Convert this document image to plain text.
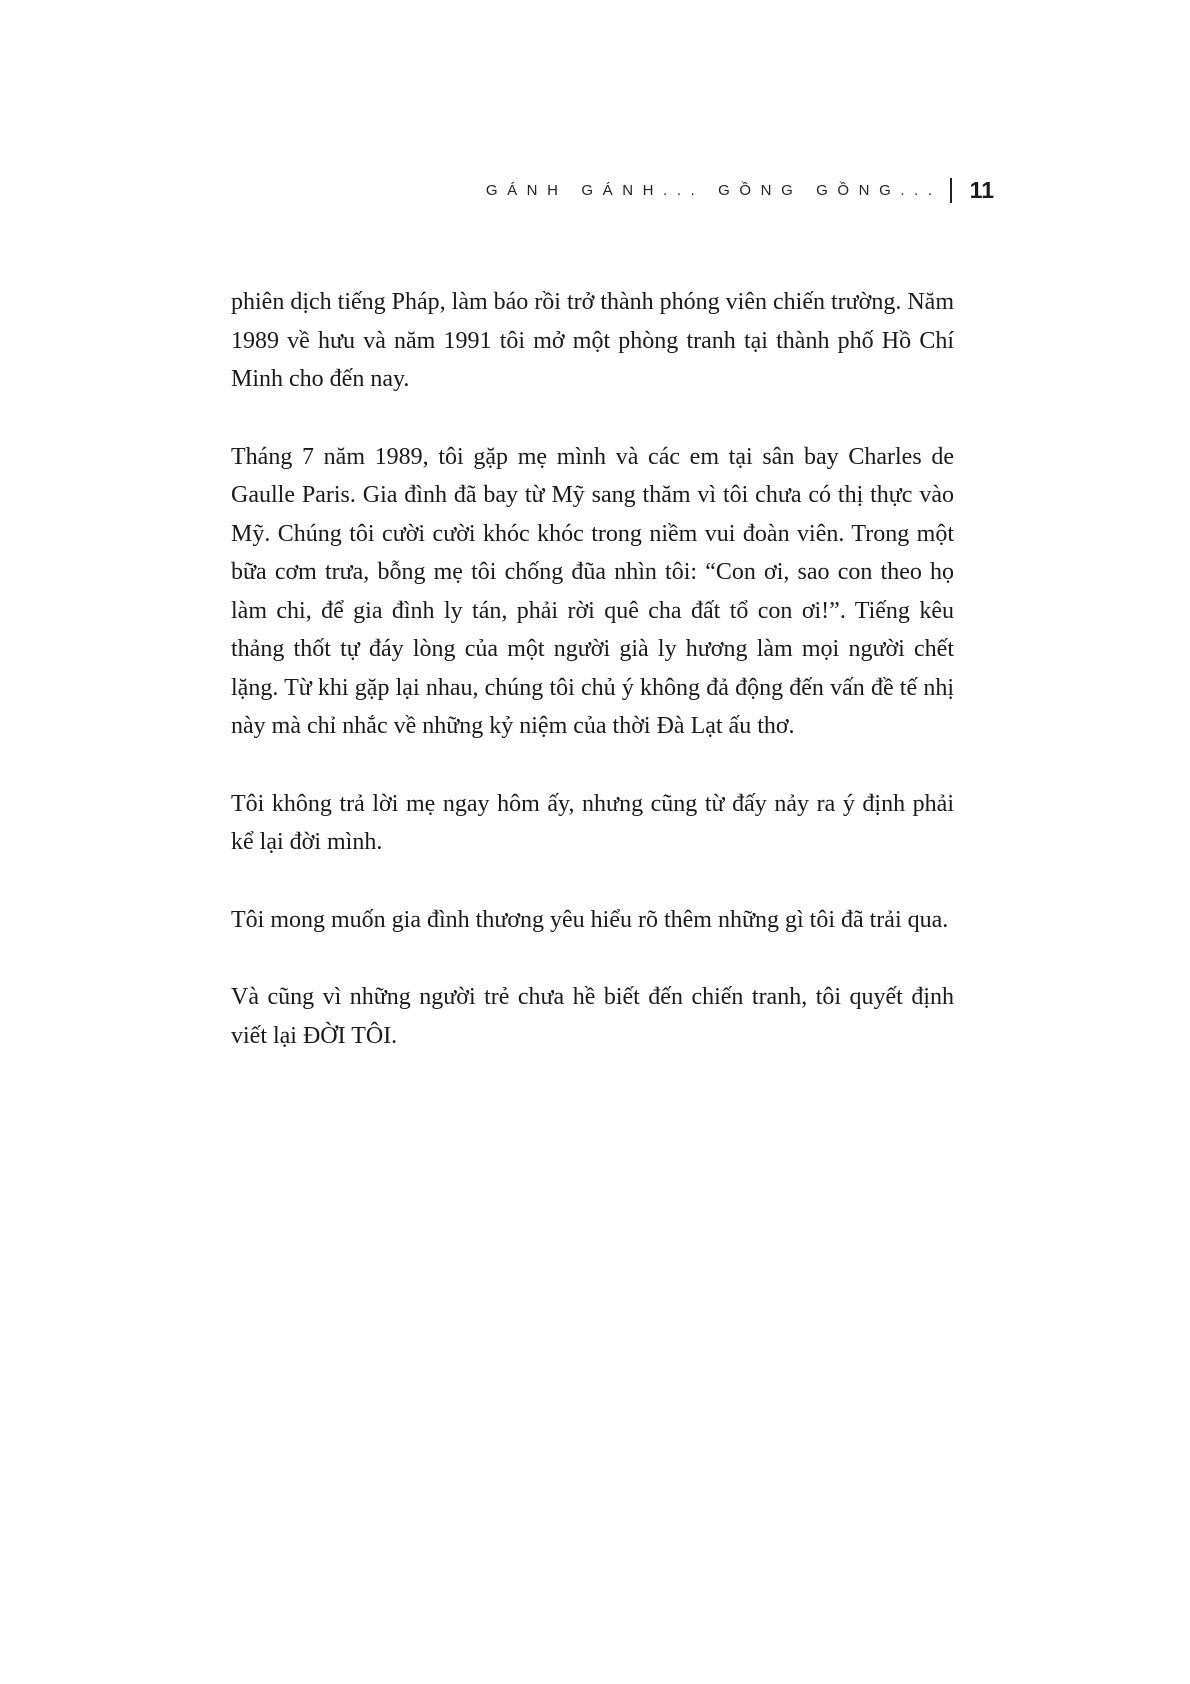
GÁNH GÁNH... GỒNG GỒNG... 11

phiên dịch tiếng Pháp, làm báo rồi trở thành phóng viên chiến trường. Năm 1989 về hưu và năm 1991 tôi mở một phòng tranh tại thành phố Hồ Chí Minh cho đến nay.

Tháng 7 năm 1989, tôi gặp mẹ mình và các em tại sân bay Charles de Gaulle Paris. Gia đình đã bay từ Mỹ sang thăm vì tôi chưa có thị thực vào Mỹ. Chúng tôi cười cười khóc khóc trong niềm vui đoàn viên. Trong một bữa cơm trưa, bỗng mẹ tôi chống đũa nhìn tôi: “Con ơi, sao con theo họ làm chi, để gia đình ly tán, phải rời quê cha đất tổ con ơi!”. Tiếng kêu thảng thốt tự đáy lòng của một người già ly hương làm mọi người chết lặng. Từ khi gặp lại nhau, chúng tôi chủ ý không đả động đến vấn đề tế nhị này mà chỉ nhắc về những kỷ niệm của thời Đà Lạt ấu thơ.

Tôi không trả lời mẹ ngay hôm ấy, nhưng cũng từ đấy nảy ra ý định phải kể lại đời mình.

Tôi mong muốn gia đình thương yêu hiểu rõ thêm những gì tôi đã trải qua.

Và cũng vì những người trẻ chưa hề biết đến chiến tranh, tôi quyết định viết lại ĐỜI TÔI.
